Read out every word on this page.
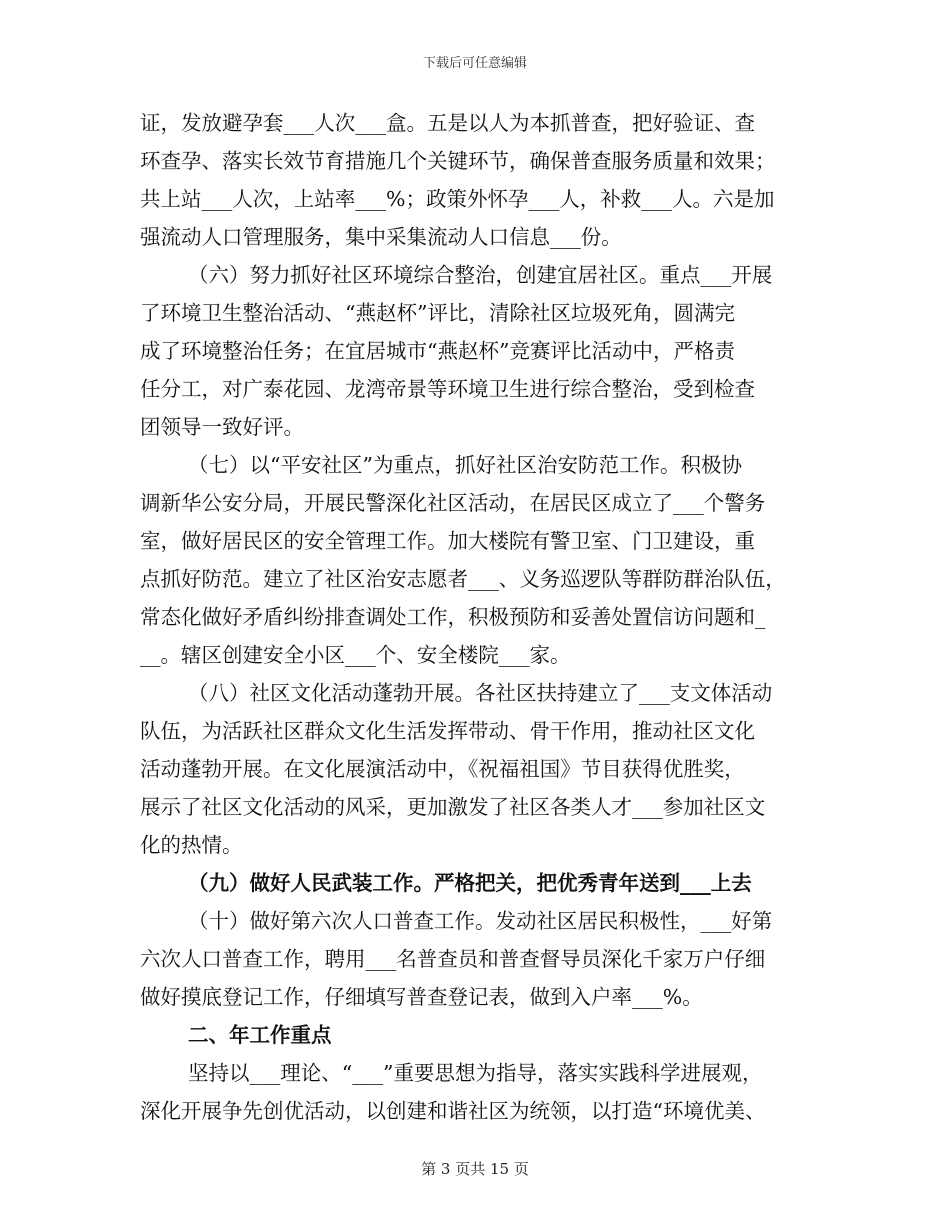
下载后可任意编辑
证，发放避孕套___人次___盒。五是以人为本抓普查，把好验证、查
环查孕、落实长效节育措施几个关键环节，确保普查服务质量和效果；
共上站___人次，上站率___%；政策外怀孕___人，补救___人。六是加
强流动人口管理服务，集中采集流动人口信息___份。
（六）努力抓好社区环境综合整治，创建宜居社区。重点___开展
了环境卫生整治活动、“燕赵杯”评比，清除社区垃圾死角，圆满完
成了环境整治任务；在宜居城市“燕赵杯”竞赛评比活动中，严格责
任分工，对广泰花园、龙湾帝景等环境卫生进行综合整治，受到检查
团领导一致好评。
（七）以“平安社区”为重点，抓好社区治安防范工作。积极协
调新华公安分局，开展民警深化社区活动，在居民区成立了___个警务
室，做好居民区的安全管理工作。加大楼院有警卫室、门卫建设，重
点抓好防范。建立了社区治安志愿者___、义务巡逻队等群防群治队伍，
常态化做好矛盾纠纷排查调处工作，积极预防和妥善处置信访问题和_
__。辖区创建安全小区___个、安全楼院___家。
（八）社区文化活动蓬勃开展。各社区扶持建立了___支文体活动
队伍，为活跃社区群众文化生活发挥带动、骨干作用，推动社区文化
活动蓬勃开展。在文化展演活动中，《祝福祖国》节目获得优胜奖，
展示了社区文化活动的风采，更加激发了社区各类人才___参加社区文
化的热情。
（九）做好人民武装工作。严格把关，把优秀青年送到___上去
（十）做好第六次人口普查工作。发动社区居民积极性，___好第
六次人口普查工作，聘用___名普查员和普查督导员深化千家万户仔细
做好摸底登记工作，仔细填写普查登记表，做到入户率___%。
二、年工作重点
坚持以___理论、“___”重要思想为指导，落实实践科学进展观，
深化开展争先创优活动，以创建和谐社区为统领，以打造“环境优美、
第 3 页共 15 页
